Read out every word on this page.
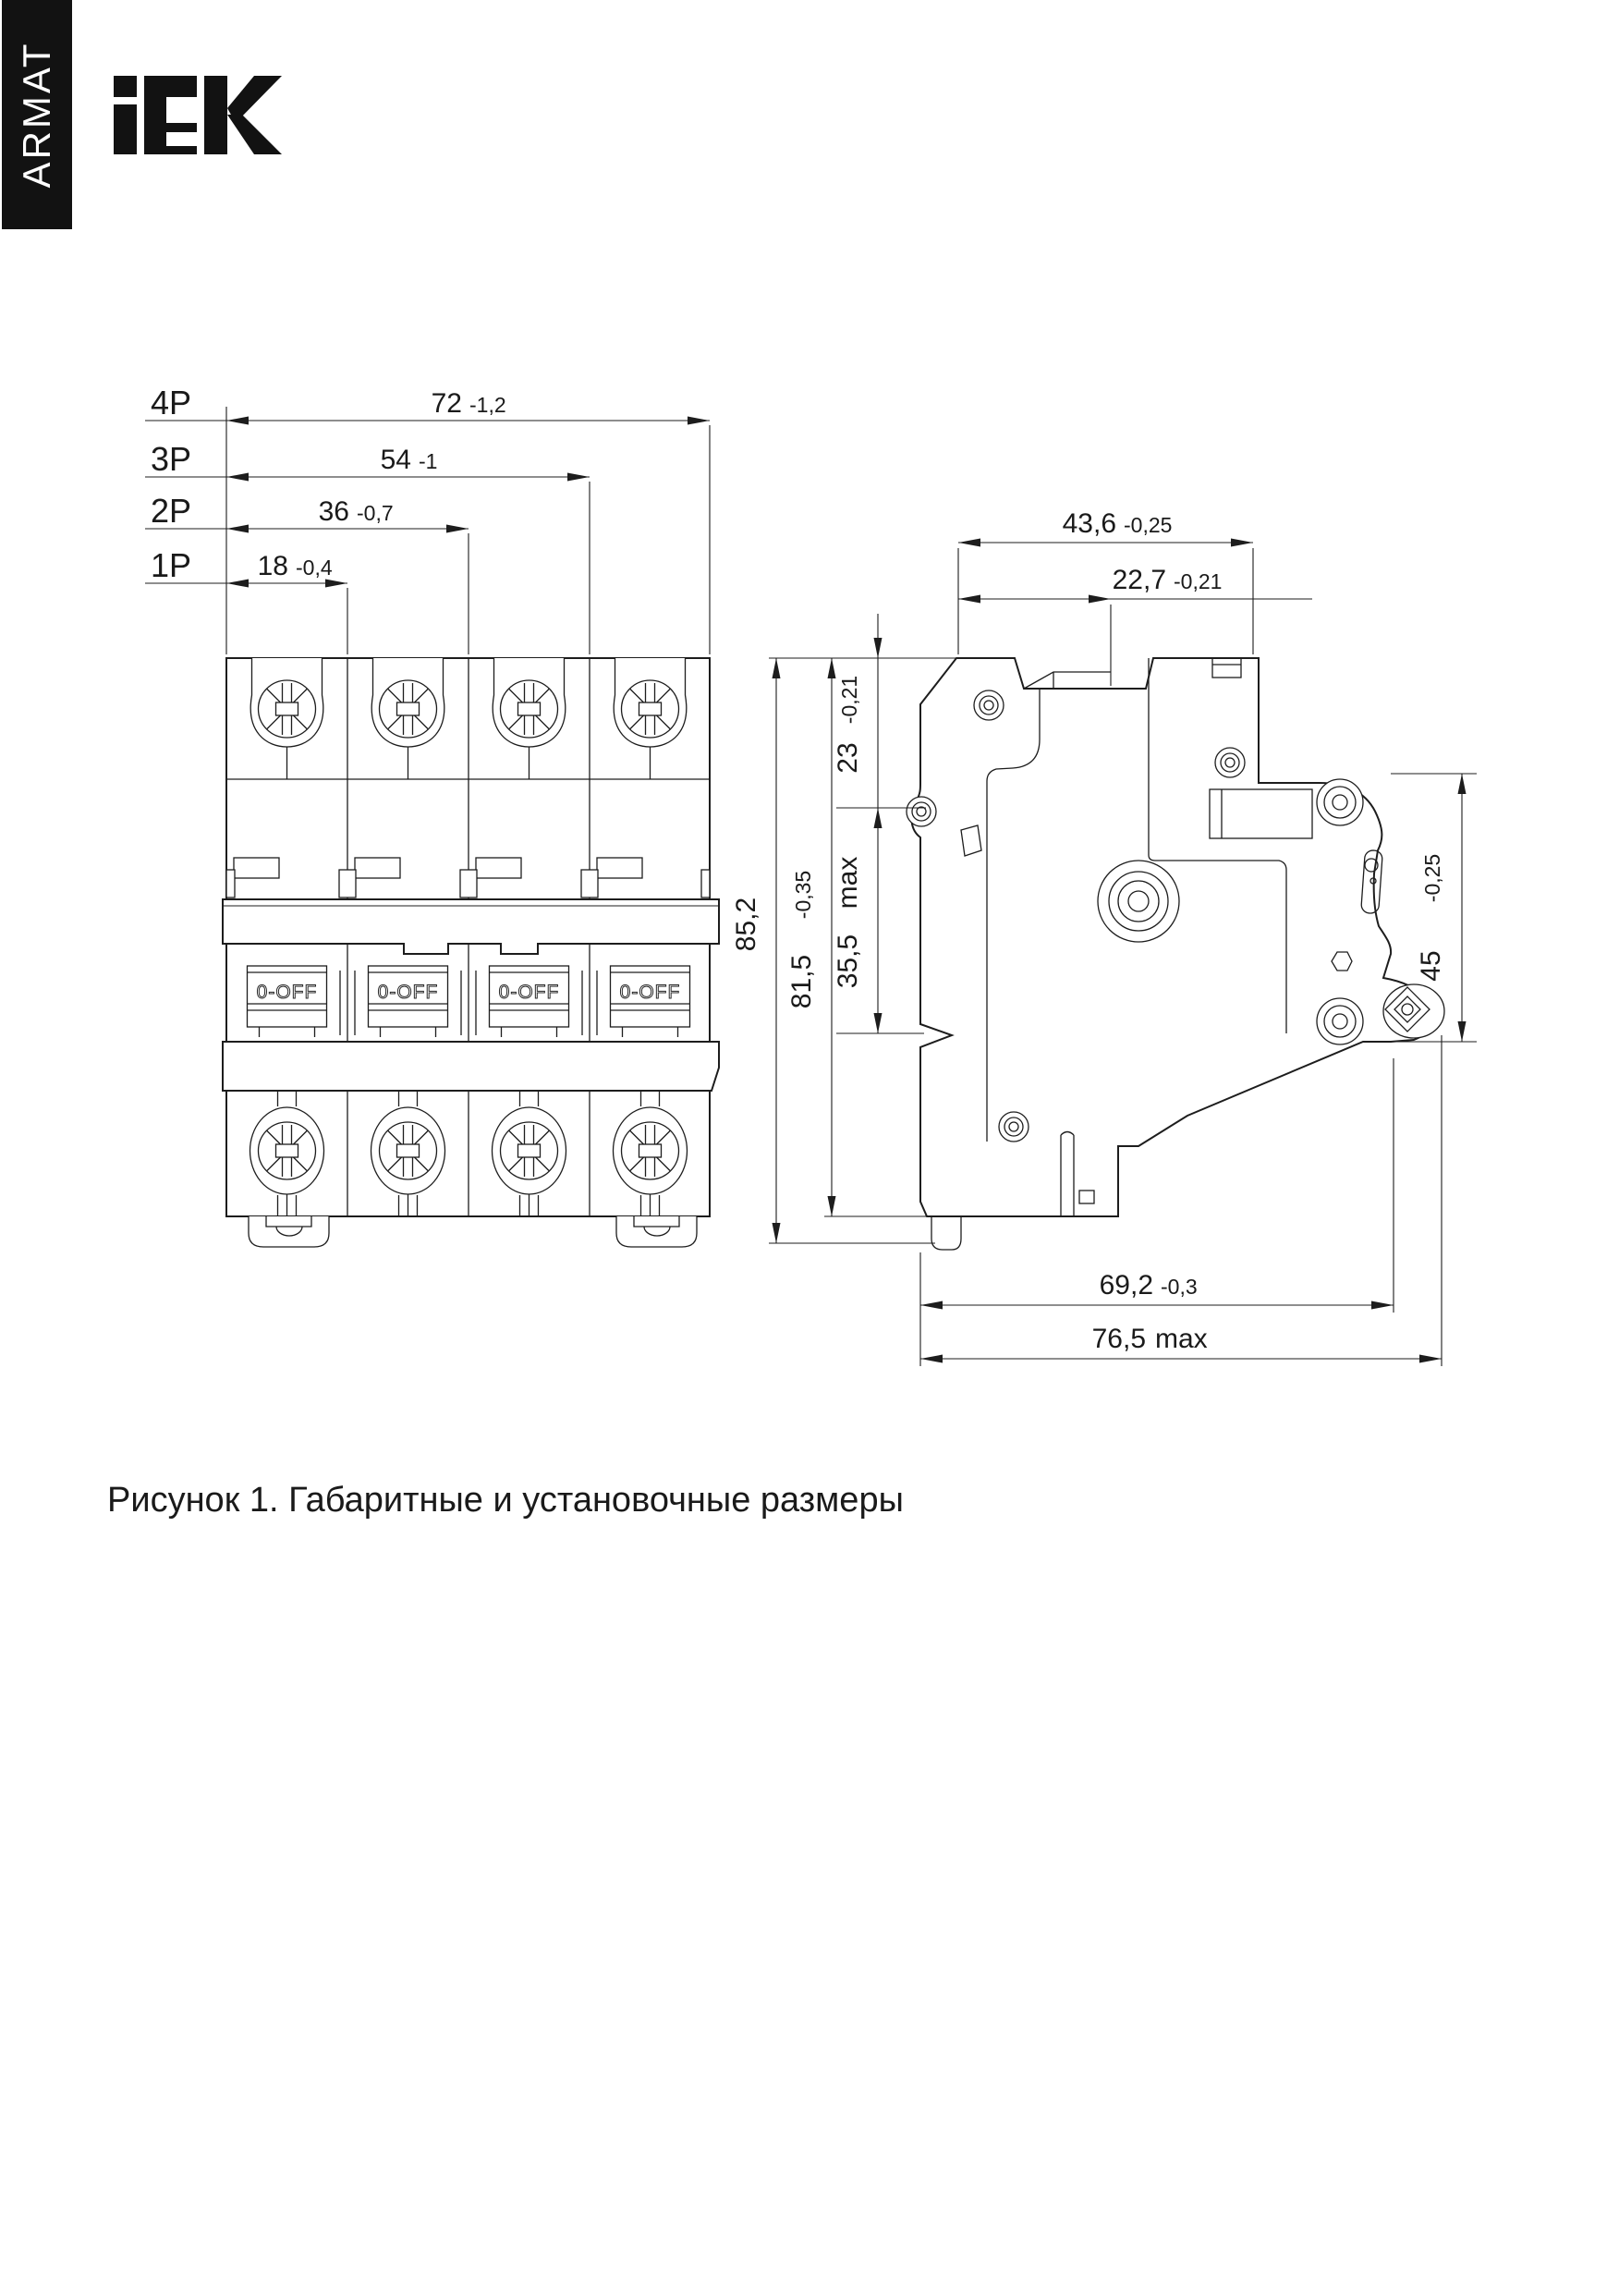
ARMAT
0-OFF	0-OFF	0-OFF	0-OFF
4P	72 -1,2
3P	54 -1
2P	36 -0,7
1P 18 -0,4
43,6 -0,25
22,7 -0,21
85,2
81,5
-0,35
23
-0,21
35,5
max
45
-0,25
69,2 -0,3
76,5 max
Рисунок 1. Габаритные и установочные размеры
